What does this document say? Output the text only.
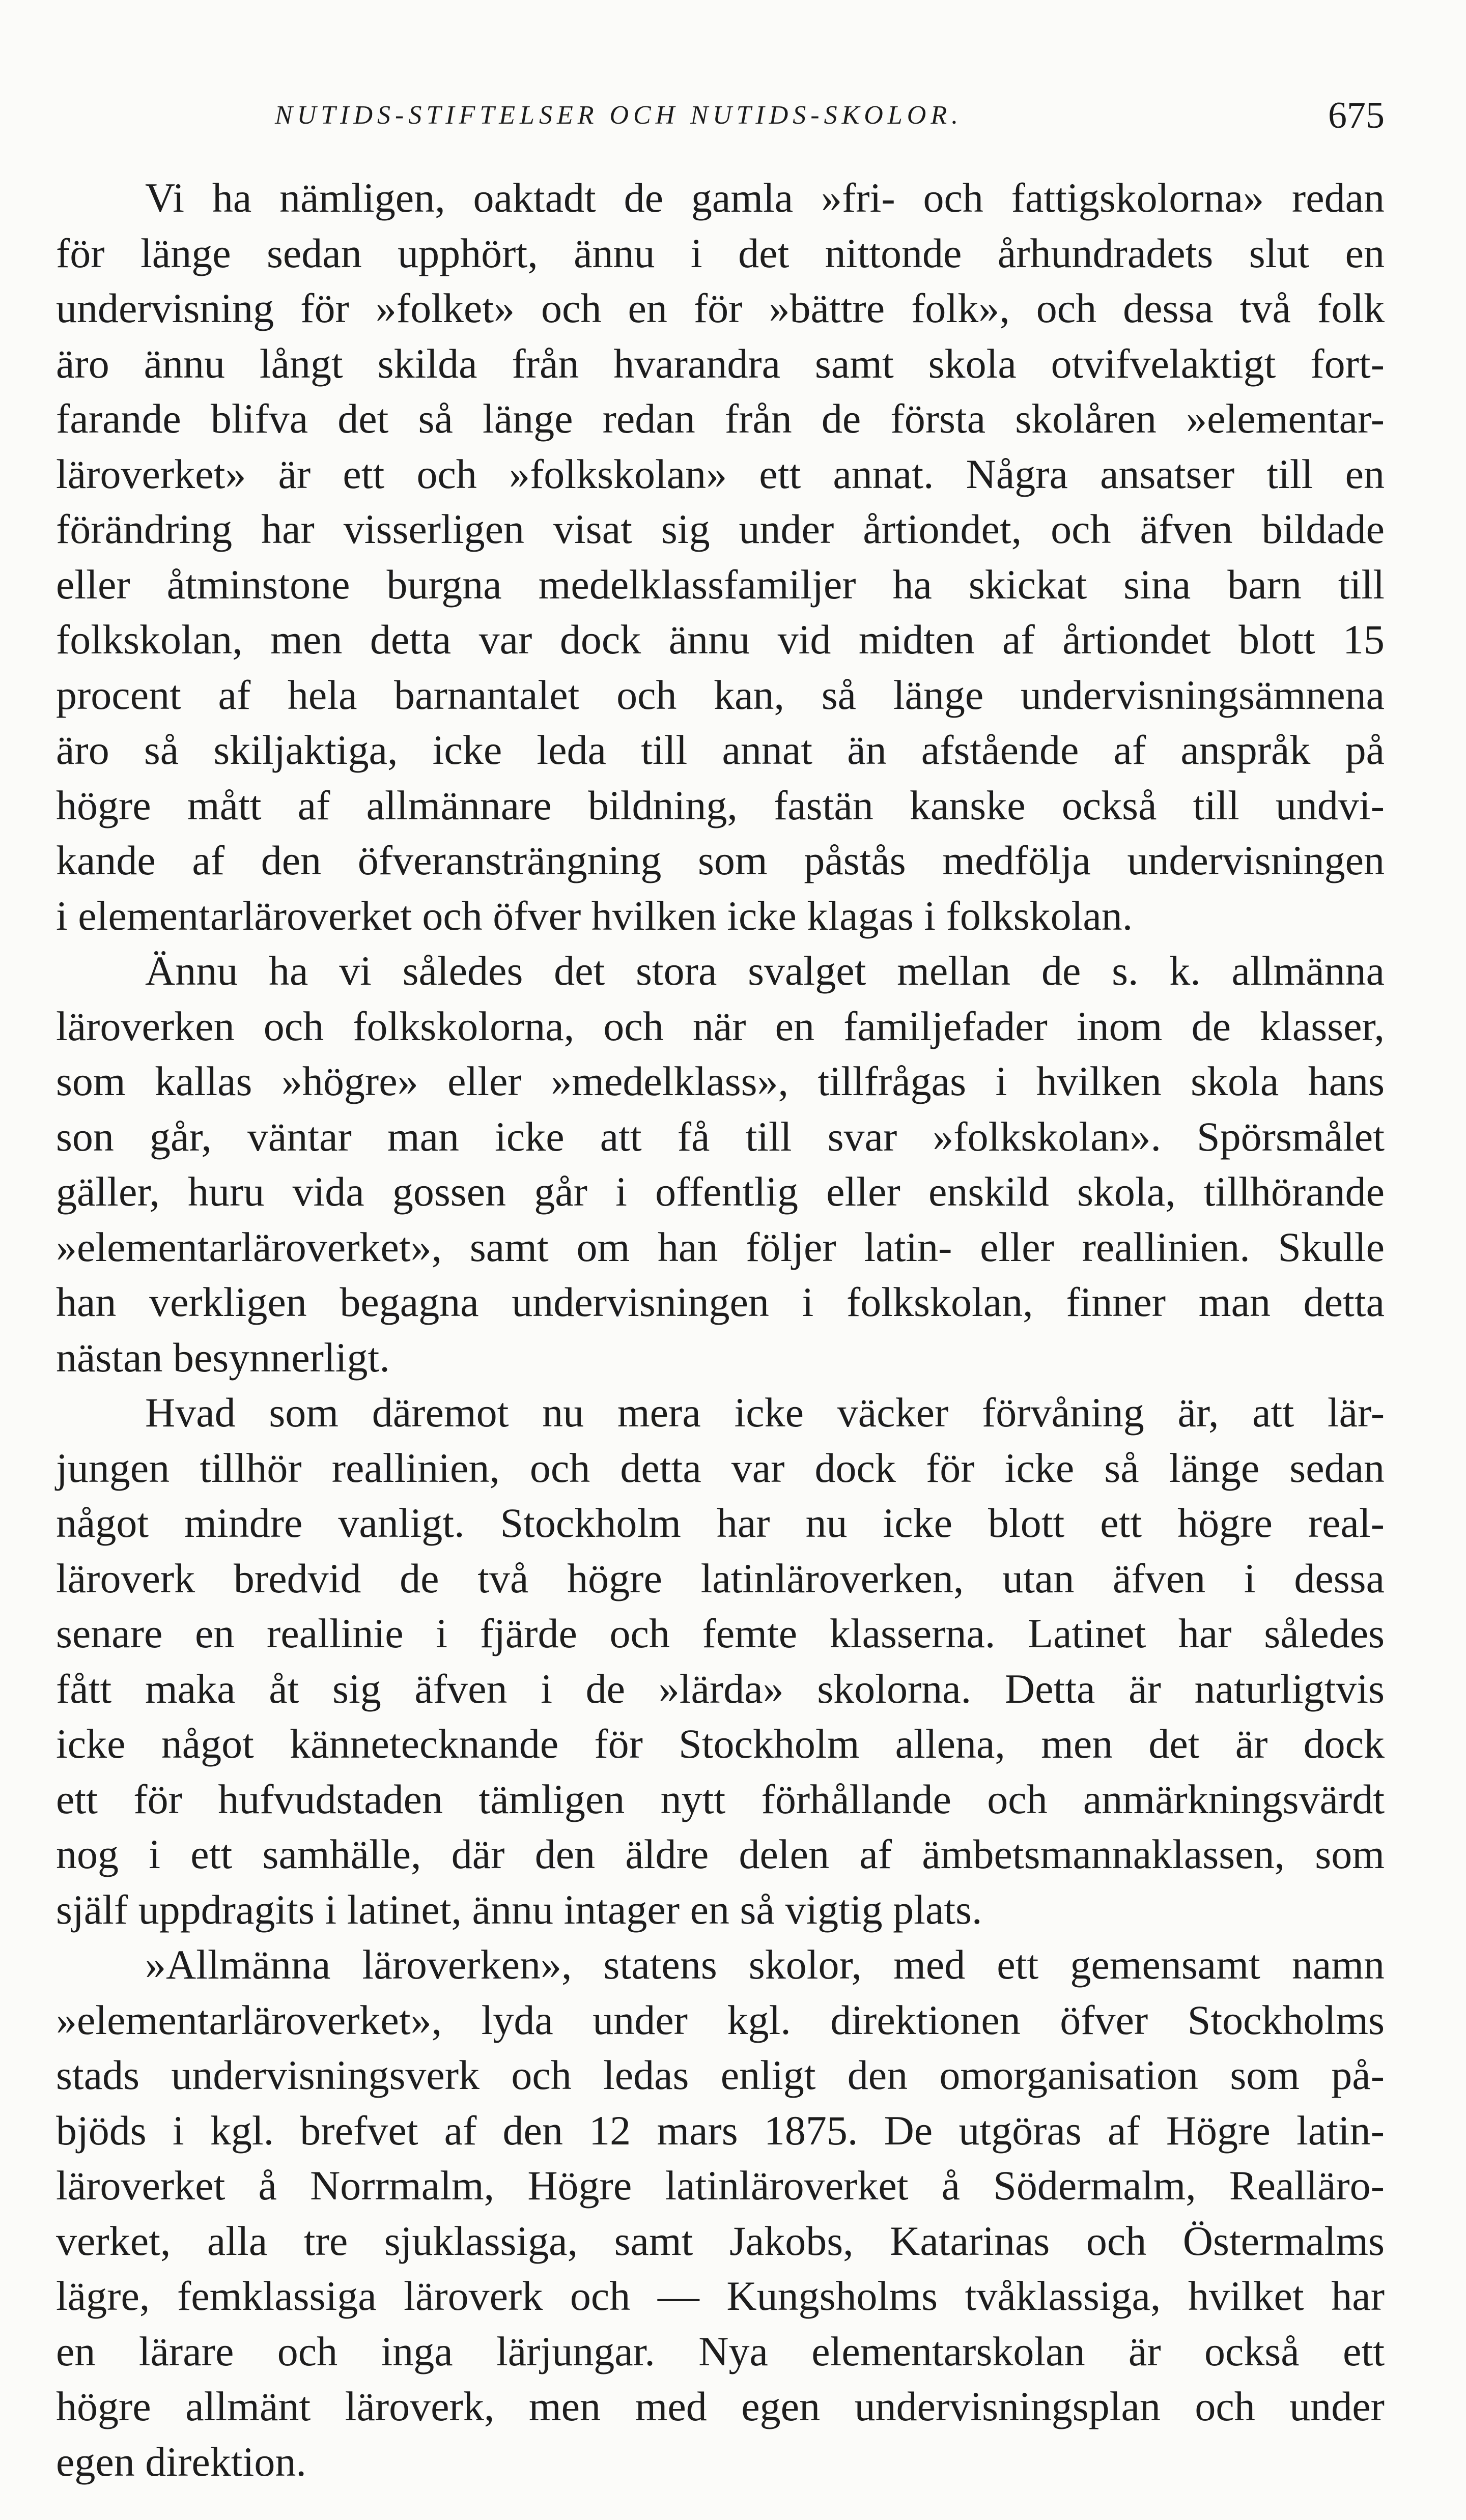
NUTIDS-STIFTELSER OCH NUTIDS-SKOLOR.	675
Vi ha nämligen, oaktadt de gamla »fri- och fattigskolorna» redan
för länge sedan upphört, ännu i det nittonde århundradets slut en
undervisning för »folket» och en för »bättre folk», och dessa två folk
äro ännu långt skilda från hvarandra samt skola otvifvelaktigt fort-
farande blifva det så länge redan från de första skolåren »elementar-
läroverket» är ett och »folkskolan» ett annat. Några ansatser till en
förändring har visserligen visat sig under årtiondet, och äfven bildade
eller åtminstone burgna medelklassfamiljer ha skickat sina barn till
folkskolan, men detta var dock ännu vid midten af årtiondet blott 15
procent af hela barnantalet och kan, så länge undervisningsämnena
äro så skiljaktiga, icke leda till annat än afstående af anspråk på
högre mått af allmännare bildning, fastän kanske också till undvi-
kande af den öfveransträngning som påstås medfölja undervisningen
i elementarläroverket och öfver hvilken icke klagas i folkskolan.
Ännu ha vi således det stora svalget mellan de s. k. allmänna
läroverken och folkskolorna, och när en familjefader inom de klasser,
som kallas »högre» eller »medelklass», tillfrågas i hvilken skola hans
son går, väntar man icke att få till svar »folkskolan». Spörsmålet
gäller, huru vida gossen går i offentlig eller enskild skola, tillhörande
»elementarläroverket», samt om han följer latin- eller reallinien. Skulle
han verkligen begagna undervisningen i folkskolan, finner man detta
nästan besynnerligt.
Hvad som däremot nu mera icke väcker förvåning är, att lär-
jungen tillhör reallinien, och detta var dock för icke så länge sedan
något mindre vanligt. Stockholm har nu icke blott ett högre real-
läroverk bredvid de två högre latinläroverken, utan äfven i dessa
senare en reallinie i fjärde och femte klasserna. Latinet har således
fått maka åt sig äfven i de »lärda» skolorna. Detta är naturligtvis
icke något kännetecknande för Stockholm allena, men det är dock
ett för hufvudstaden tämligen nytt förhållande och anmärkningsvärdt
nog i ett samhälle, där den äldre delen af ämbetsmannaklassen, som
själf uppdragits i latinet, ännu intager en så vigtig plats.
»Allmänna läroverken», statens skolor, med ett gemensamt namn
»elementarläroverket», lyda under kgl. direktionen öfver Stockholms
stads undervisningsverk och ledas enligt den omorganisation som på-
bjöds i kgl. brefvet af den 12 mars 1875. De utgöras af Högre latin-
läroverket å Norrmalm, Högre latinläroverket å Södermalm, Realläro-
verket, alla tre sjuklassiga, samt Jakobs, Katarinas och Östermalms
lägre, femklassiga läroverk och — Kungsholms tvåklassiga, hvilket har
en lärare och inga lärjungar. Nya elementarskolan är också ett
högre allmänt läroverk, men med egen undervisningsplan och under
egen direktion.
